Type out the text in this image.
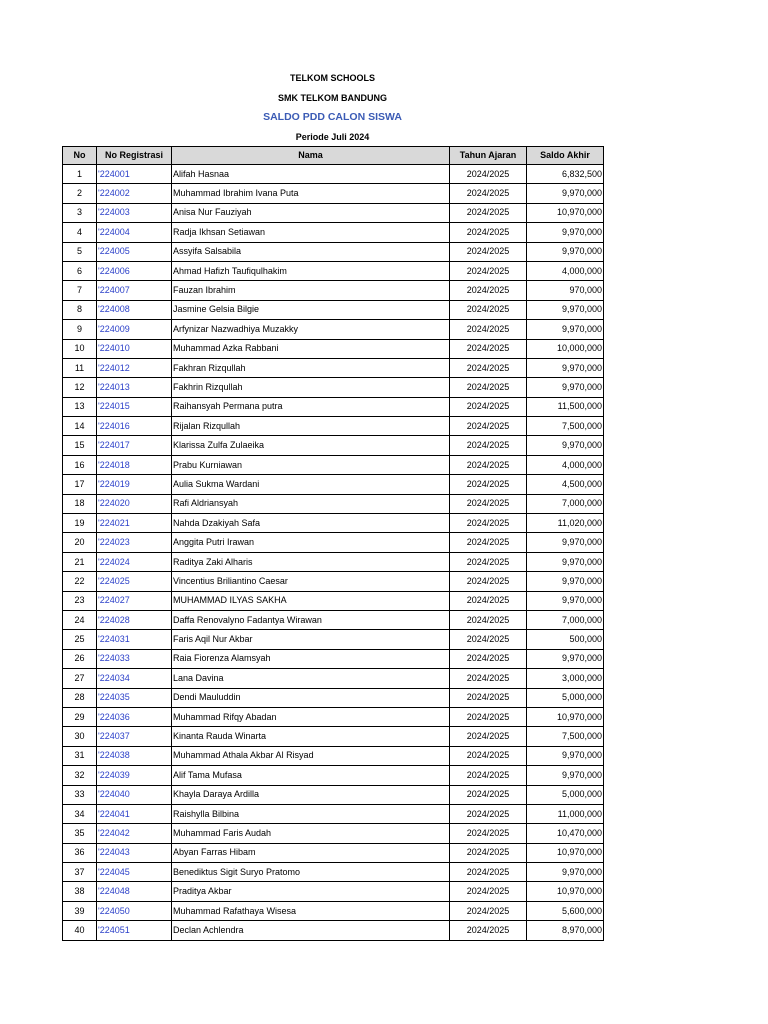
TELKOM SCHOOLS
SMK TELKOM BANDUNG
SALDO PDD CALON SISWA
Periode Juli 2024
No	No Registrasi	Nama	Tahun Ajaran	Saldo Akhir
1	'224001	Alifah Hasnaa	2024/2025	6,832,500
2	'224002	Muhammad Ibrahim Ivana Puta	2024/2025	9,970,000
3	'224003	Anisa Nur Fauziyah	2024/2025	10,970,000
4	'224004	Radja Ikhsan Setiawan	2024/2025	9,970,000
5	'224005	Assyifa Salsabila	2024/2025	9,970,000
6	'224006	Ahmad Hafizh Taufiqulhakim	2024/2025	4,000,000
7	'224007	Fauzan Ibrahim	2024/2025	970,000
8	'224008	Jasmine Gelsia Bilgie	2024/2025	9,970,000
9	'224009	Arfynizar Nazwadhiya Muzakky	2024/2025	9,970,000
10	'224010	Muhammad Azka Rabbani	2024/2025	10,000,000
11	'224012	Fakhran Rizqullah	2024/2025	9,970,000
12	'224013	Fakhrin Rizqullah	2024/2025	9,970,000
13	'224015	Raihansyah Permana putra	2024/2025	11,500,000
14	'224016	Rijalan Rizqullah	2024/2025	7,500,000
15	'224017	Klarissa Zulfa Zulaeika	2024/2025	9,970,000
16	'224018	Prabu Kurniawan	2024/2025	4,000,000
17	'224019	Aulia Sukma Wardani	2024/2025	4,500,000
18	'224020	Rafi Aldriansyah	2024/2025	7,000,000
19	'224021	Nahda Dzakiyah Safa	2024/2025	11,020,000
20	'224023	Anggita Putri Irawan	2024/2025	9,970,000
21	'224024	Raditya Zaki Alharis	2024/2025	9,970,000
22	'224025	Vincentius Briliantino Caesar	2024/2025	9,970,000
23	'224027	MUHAMMAD ILYAS SAKHA	2024/2025	9,970,000
24	'224028	Daffa Renovalyno Fadantya Wirawan	2024/2025	7,000,000
25	'224031	Faris Aqil Nur Akbar	2024/2025	500,000
26	'224033	Raia Fiorenza Alamsyah	2024/2025	9,970,000
27	'224034	Lana Davina	2024/2025	3,000,000
28	'224035	Dendi Mauluddin	2024/2025	5,000,000
29	'224036	Muhammad Rifqy Abadan	2024/2025	10,970,000
30	'224037	Kinanta Rauda Winarta	2024/2025	7,500,000
31	'224038	Muhammad Athala Akbar Al Risyad	2024/2025	9,970,000
32	'224039	Alif Tama Mufasa	2024/2025	9,970,000
33	'224040	Khayla Daraya Ardilla	2024/2025	5,000,000
34	'224041	Raishylla Bilbina	2024/2025	11,000,000
35	'224042	Muhammad Faris Audah	2024/2025	10,470,000
36	'224043	Abyan Farras Hibam	2024/2025	10,970,000
37	'224045	Benediktus Sigit Suryo Pratomo	2024/2025	9,970,000
38	'224048	Praditya Akbar	2024/2025	10,970,000
39	'224050	Muhammad Rafathaya Wisesa	2024/2025	5,600,000
40	'224051	Declan Achlendra	2024/2025	8,970,000
